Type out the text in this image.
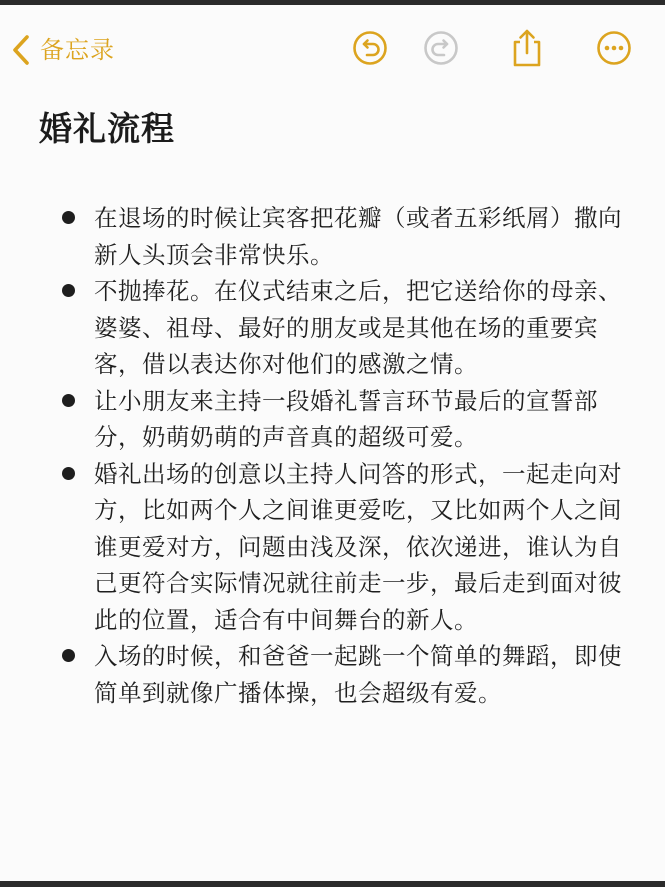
备忘录
婚礼流程
在退场的时候让宾客把花瓣（或者五彩纸屑）撒向新人头顶会非常快乐。
不抛捧花。在仪式结束之后，把它送给你的母亲、婆婆、祖母、最好的朋友或是其他在场的重要宾客，借以表达你对他们的感激之情。
让小朋友来主持一段婚礼誓言环节最后的宣誓部分，奶萌奶萌的声音真的超级可爱。
婚礼出场的创意以主持人问答的形式，一起走向对方，比如两个人之间谁更爱吃，又比如两个人之间谁更爱对方，问题由浅及深，依次递进，谁认为自己更符合实际情况就往前走一步，最后走到面对彼此的位置，适合有中间舞台的新人。
入场的时候，和爸爸一起跳一个简单的舞蹈，即使简单到就像广播体操，也会超级有爱。
